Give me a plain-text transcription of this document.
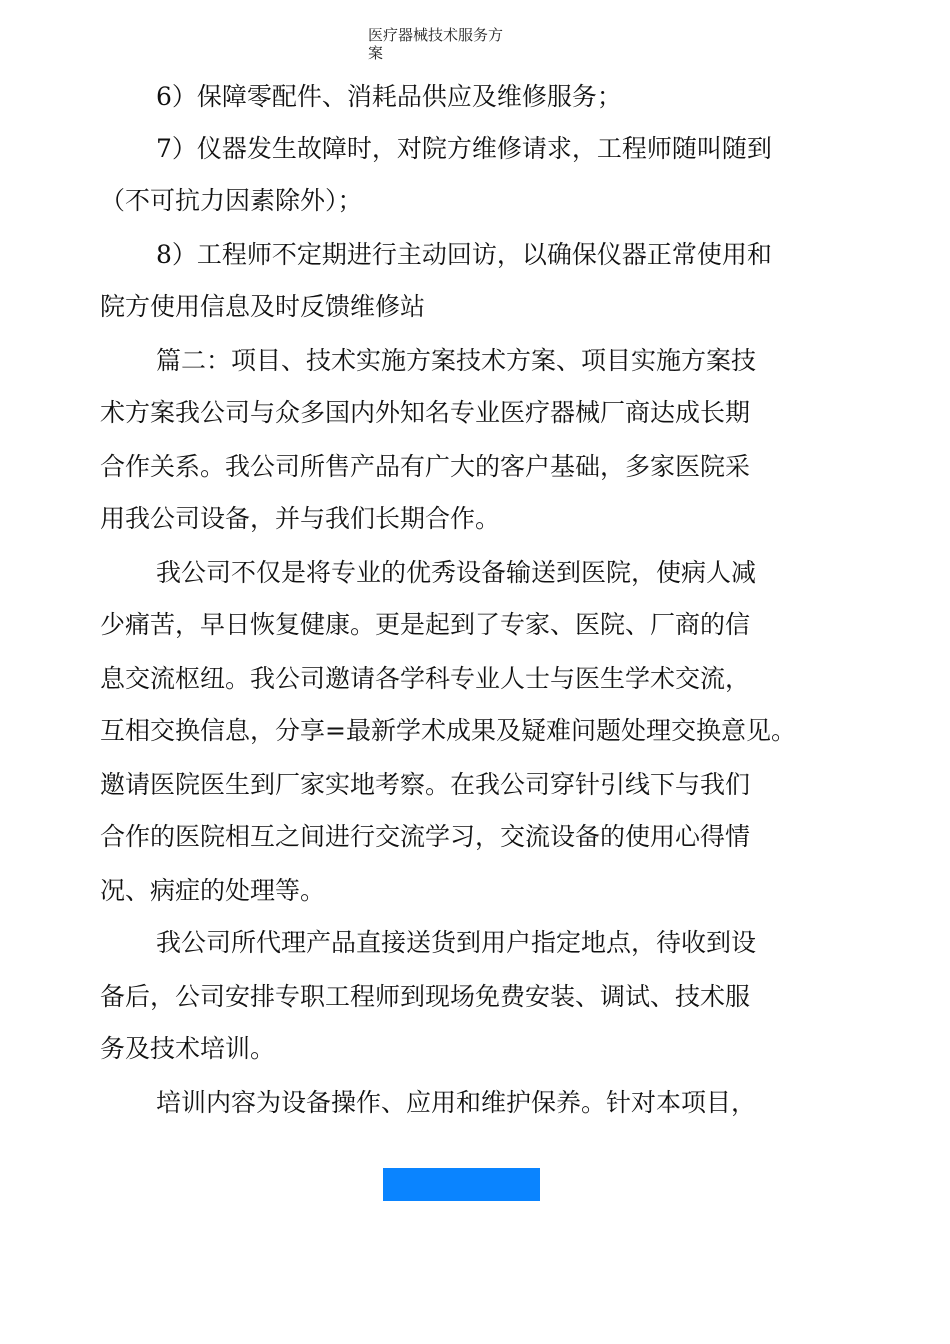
医疗器械技术服务方
案
6）保障零配件、消耗品供应及维修服务；
7）仪器发生故障时，对院方维修请求，工程师随叫随到
（不可抗力因素除外）；
8）工程师不定期进行主动回访，以确保仪器正常使用和
院方使用信息及时反馈维修站
篇二：项目、技术实施方案技术方案、项目实施方案技
术方案我公司与众多国内外知名专业医疗器械厂商达成长期
合作关系。我公司所售产品有广大的客户基础，多家医院采
用我公司设备，并与我们长期合作。
我公司不仅是将专业的优秀设备输送到医院，使病人减
少痛苦，早日恢复健康。更是起到了专家、医院、厂商的信
息交流枢纽。我公司邀请各学科专业人士与医生学术交流，
互相交换信息，分享=最新学术成果及疑难问题处理交换意见。
邀请医院医生到厂家实地考察。在我公司穿针引线下与我们
合作的医院相互之间进行交流学习，交流设备的使用心得情
况、病症的处理等。
我公司所代理产品直接送货到用户指定地点，待收到设
备后，公司安排专职工程师到现场免费安装、调试、技术服
务及技术培训。
培训内容为设备操作、应用和维护保养。针对本项目，
